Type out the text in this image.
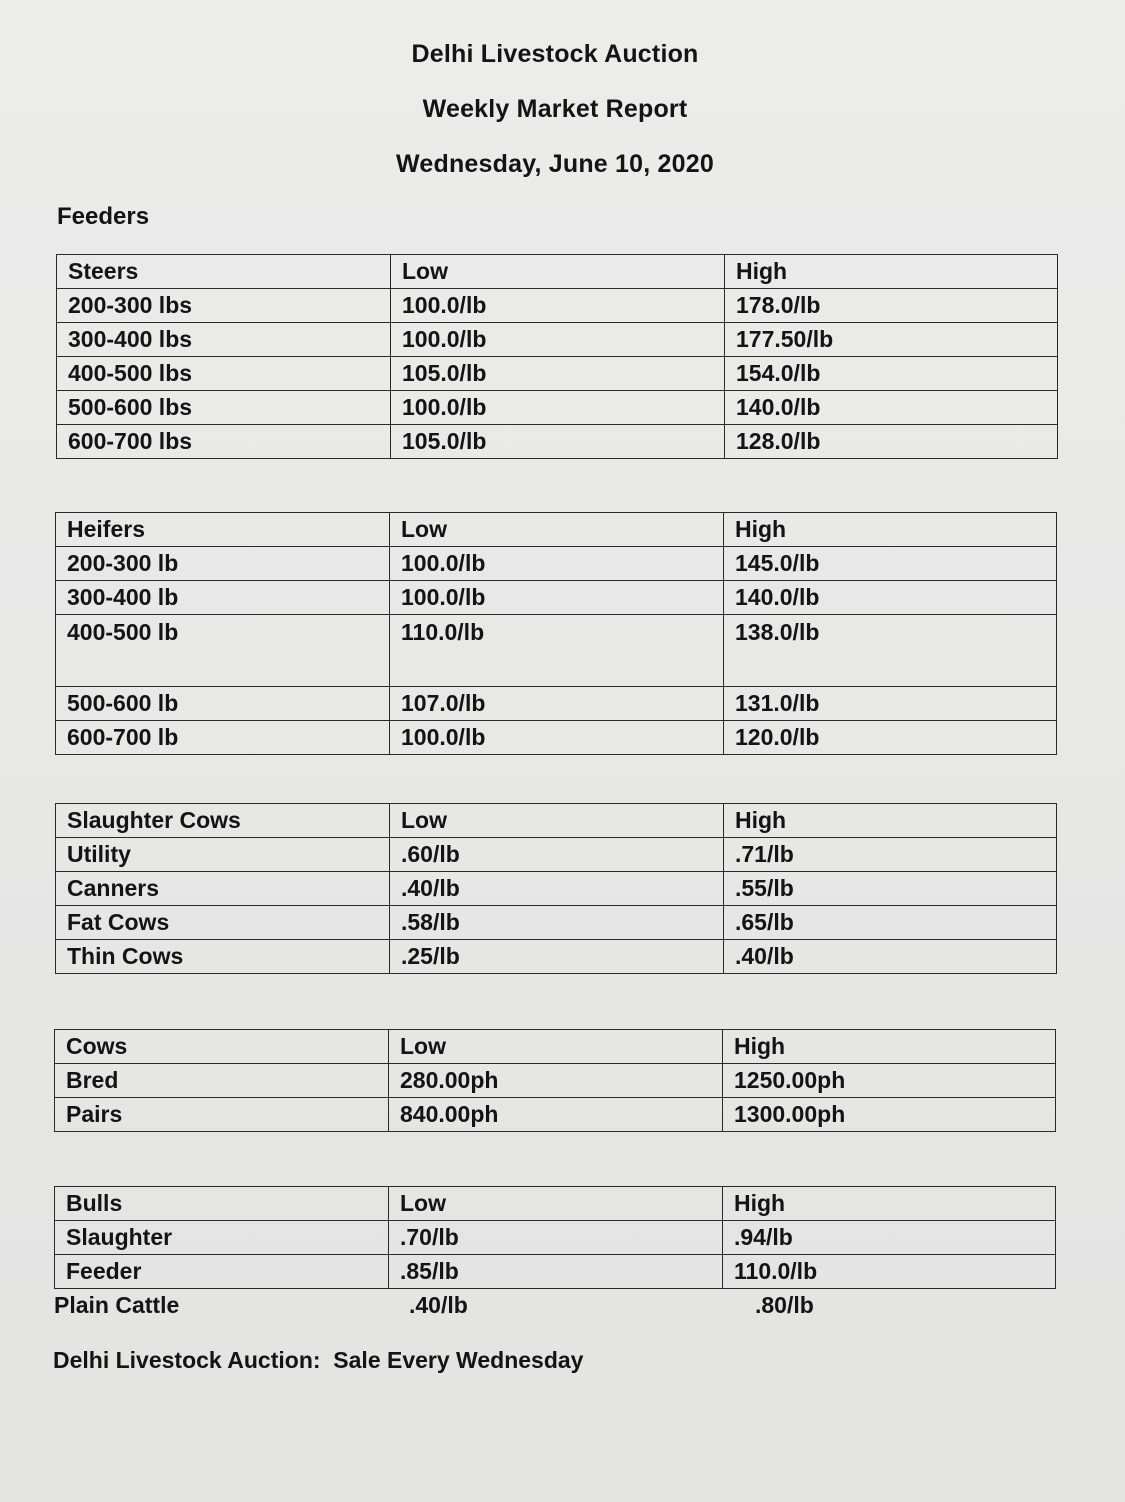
Delhi Livestock Auction
Weekly Market Report
Wednesday, June 10, 2020
Feeders
Steers	Low	High
200-300 lbs	100.0/lb	178.0/lb
300-400 lbs	100.0/lb	177.50/lb
400-500 lbs	105.0/lb	154.0/lb
500-600 lbs	100.0/lb	140.0/lb
600-700 lbs	105.0/lb	128.0/lb
Heifers	Low	High
200-300 lb	100.0/lb	145.0/lb
300-400 lb	100.0/lb	140.0/lb
400-500 lb	110.0/lb	138.0/lb
500-600 lb	107.0/lb	131.0/lb
600-700 lb	100.0/lb	120.0/lb
Slaughter Cows	Low	High
Utility	.60/lb	.71/lb
Canners	.40/lb	.55/lb
Fat Cows	.58/lb	.65/lb
Thin Cows	.25/lb	.40/lb
Cows	Low	High
Bred	280.00ph	1250.00ph
Pairs	840.00ph	1300.00ph
Bulls	Low	High
Slaughter	.70/lb	.94/lb
Feeder	.85/lb	110.0/lb
Plain Cattle	.40/lb	.80/lb
Delhi Livestock Auction:  Sale Every Wednesday
